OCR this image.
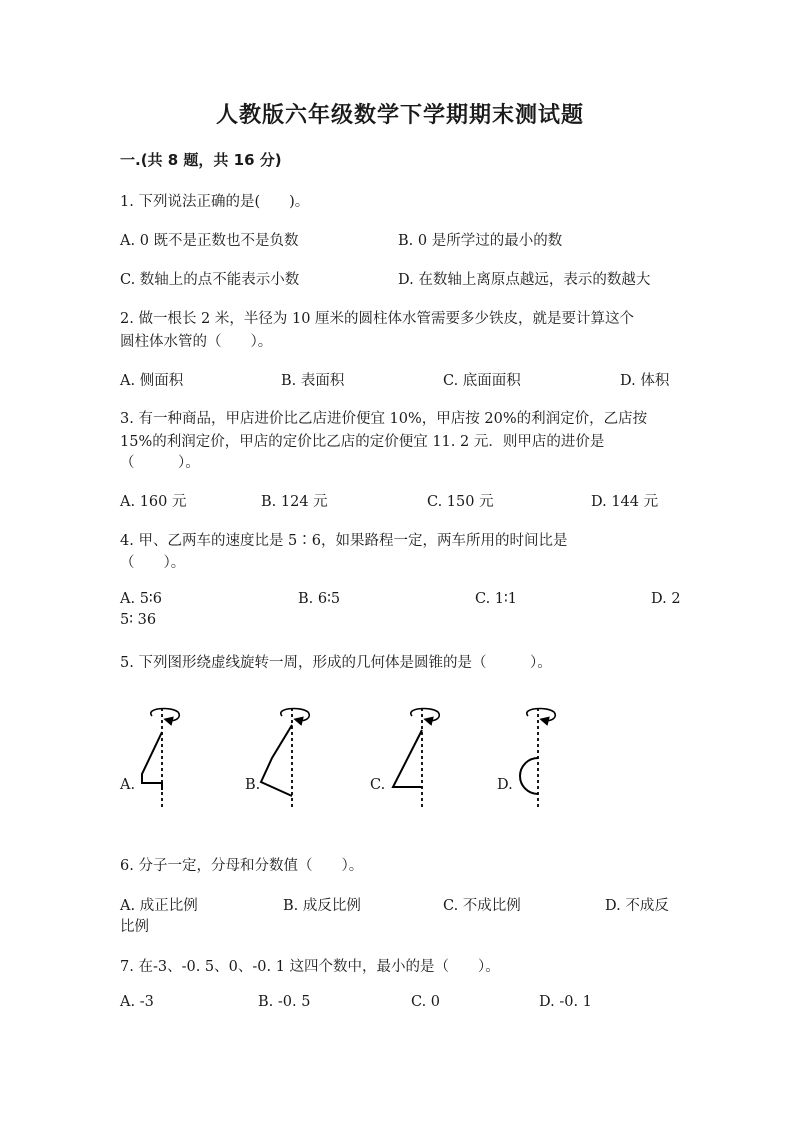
人教版六年级数学下学期期末测试题
一.(共 8 题，共 16 分)
1. 下列说法正确的是(　　)。
A. 0 既不是正数也不是负数	B. 0 是所学过的最小的数
C. 数轴上的点不能表示小数	D. 在数轴上离原点越远，表示的数越大
2. 做一根长 2 米，半径为 10 厘米的圆柱体水管需要多少铁皮，就是要计算这个
圆柱体水管的（　　）。
A. 侧面积	B. 表面积	C. 底面面积	D. 体积
3. 有一种商品，甲店进价比乙店进价便宜 10%，甲店按 20%的利润定价，乙店按
15%的利润定价，甲店的定价比乙店的定价便宜 11. 2 元．则甲店的进价是
（　　　）。
A. 160 元	B. 124 元	C. 150 元	D. 144 元
4. 甲、乙两车的速度比是 5∶6，如果路程一定，两车所用的时间比是
（　　）。
A. 5∶6	B. 6∶5	C. 1∶1	D. 2
5∶ 36
5. 下列图形绕虚线旋转一周，形成的几何体是圆锥的是（　　　）。
A.	B.	C.	D.
6. 分子一定，分母和分数值（　　）。
A. 成正比例	B. 成反比例	C. 不成比例	D. 不成反
比例
7. 在-3、-0. 5、0、-0. 1 这四个数中，最小的是（　　）。
A. -3	B. -0. 5	C. 0	D. -0. 1
